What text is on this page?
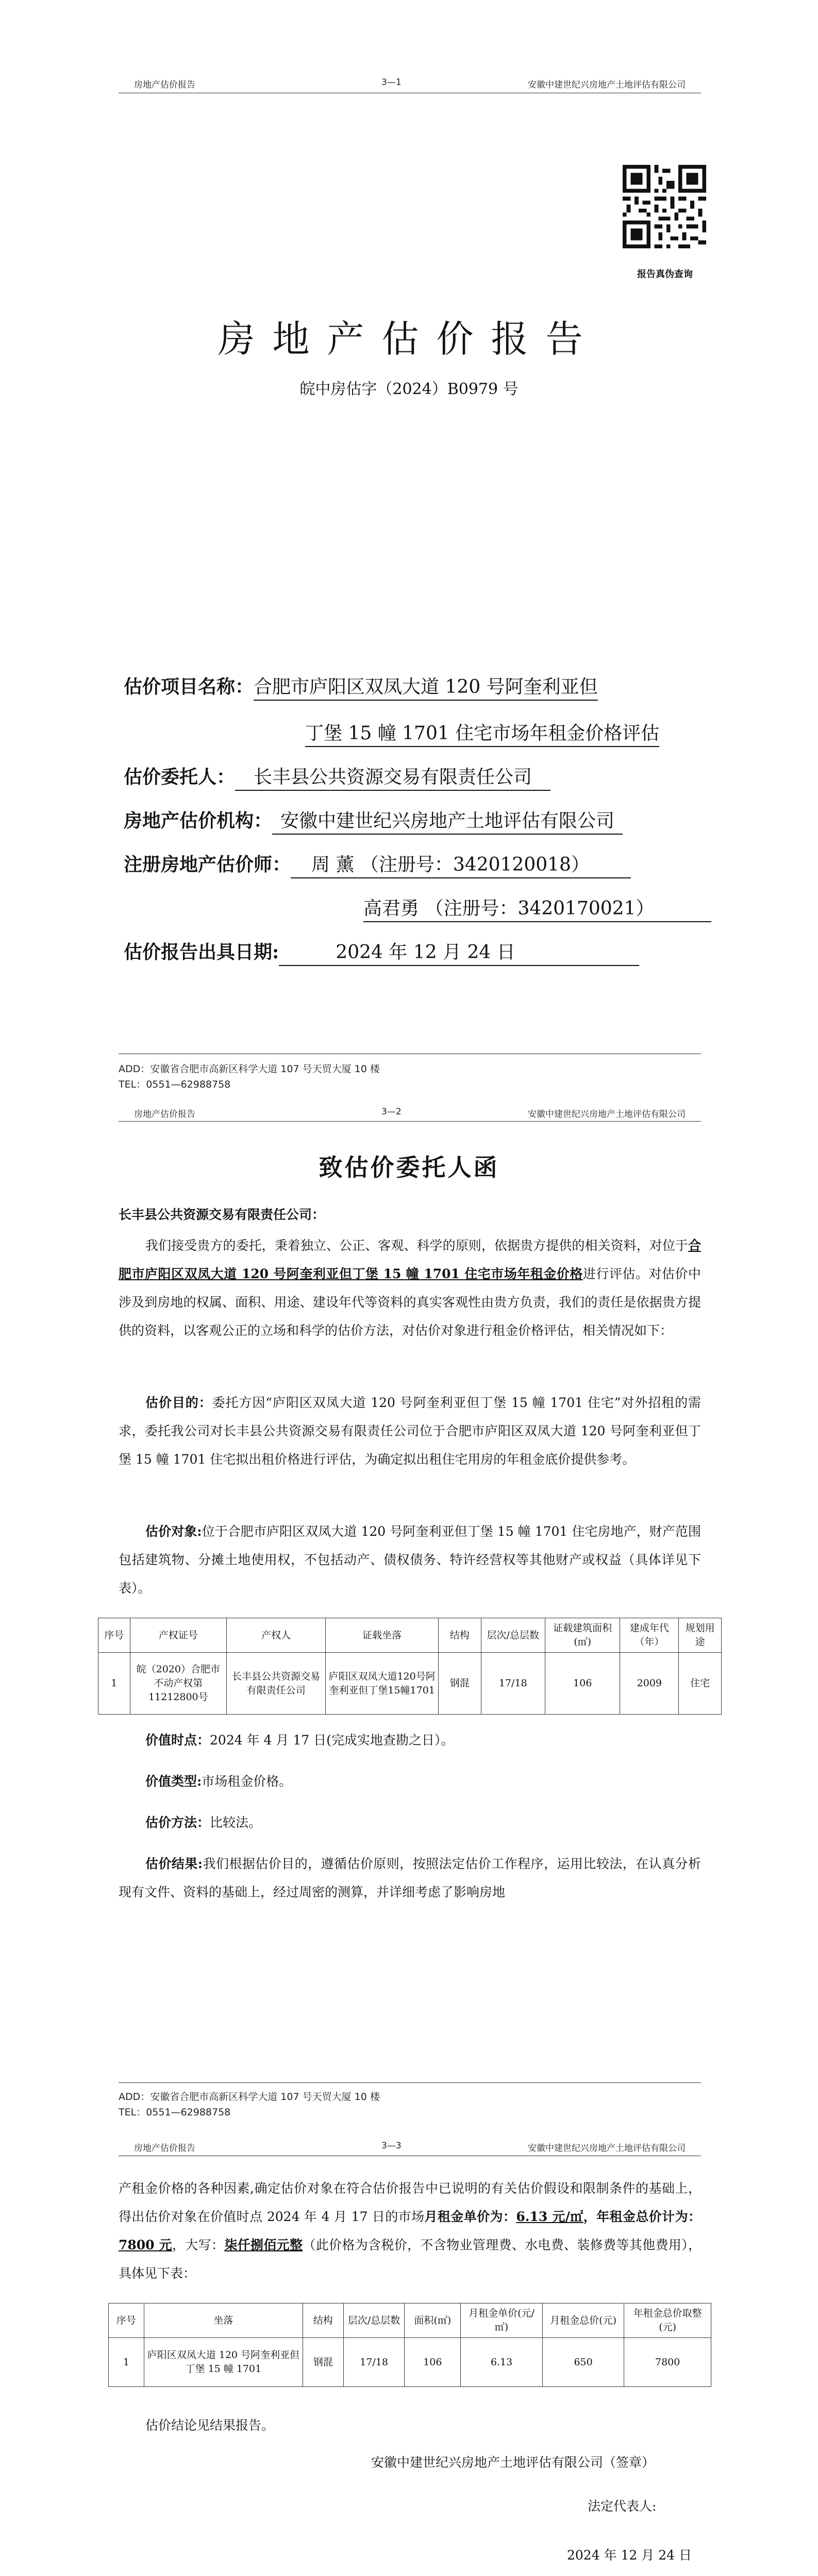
房地产估价报告	3—1	安徽中建世纪兴房地产土地评估有限公司
报告真伪查询
房地产估价报告
皖中房估字（2024）B0979 号
估价项目名称：合肥市庐阳区双凤大道 120 号阿奎利亚但
丁堡 15 幢 1701 住宅市场年租金价格评估
估价委托人： 长丰县公共资源交易有限责任公司
房地产估价机构： 安徽中建世纪兴房地产土地评估有限公司
注册房地产估价师： 周 薰 （注册号：3420120018）
高君勇 （注册号：3420170021）
估价报告出具日期:	2024 年 12 月 24 日
ADD：安徽省合肥市高新区科学大道 107 号天贸大厦 10 楼
TEL：0551—62988758
房地产估价报告	3—2	安徽中建世纪兴房地产土地评估有限公司
致估价委托人函
长丰县公共资源交易有限责任公司：
我们接受贵方的委托，秉着独立、公正、客观、科学的原则，依据贵方提供的相关资料，对位于合肥市庐阳区双凤大道 120 号阿奎利亚但丁堡 15 幢 1701 住宅市场年租金价格进行评估。对估价中涉及到房地的权属、面积、用途、建设年代等资料的真实客观性由贵方负责，我们的责任是依据贵方提供的资料，以客观公正的立场和科学的估价方法，对估价对象进行租金价格评估，相关情况如下：
估价目的：委托方因“庐阳区双凤大道 120 号阿奎利亚但丁堡 15 幢 1701 住宅”对外招租的需求，委托我公司对长丰县公共资源交易有限责任公司位于合肥市庐阳区双凤大道 120 号阿奎利亚但丁堡 15 幢 1701 住宅拟出租价格进行评估，为确定拟出租住宅用房的年租金底价提供参考。
估价对象:位于合肥市庐阳区双凤大道 120 号阿奎利亚但丁堡 15 幢 1701 住宅房地产，财产范围包括建筑物、分摊土地使用权，不包括动产、债权债务、特许经营权等其他财产或权益（具体详见下表）。
序号	产权证号	产权人	证载坐落	结构	层次/总层数	证载建筑面积(㎡)	建成年代（年）	规划用途
1	皖（2020）合肥市不动产权第11212800号	长丰县公共资源交易有限责任公司	庐阳区双凤大道120号阿奎利亚但丁堡15幢1701	钢混	17/18	106	2009	住宅
价值时点：2024 年 4 月 17 日(完成实地查勘之日）。
价值类型:市场租金价格。
估价方法：比较法。
估价结果:我们根据估价目的，遵循估价原则，按照法定估价工作程序，运用比较法，在认真分析现有文件、资料的基础上，经过周密的测算，并详细考虑了影响房地
ADD：安徽省合肥市高新区科学大道 107 号天贸大厦 10 楼
TEL：0551—62988758
房地产估价报告	3—3	安徽中建世纪兴房地产土地评估有限公司
产租金价格的各种因素,确定估价对象在符合估价报告中已说明的有关估价假设和限制条件的基础上，得出估价对象在价值时点 2024 年 4 月 17 日的市场月租金单价为：6.13 元/㎡，年租金总价计为：7800 元，大写：柒仟捌佰元整（此价格为含税价，不含物业管理费、水电费、装修费等其他费用），具体见下表：
序号	坐落	结构	层次/总层数	面积(㎡)	月租金单价(元/㎡)	月租金总价(元)	年租金总价取整(元)
1	庐阳区双凤大道 120 号阿奎利亚但丁堡 15 幢 1701	钢混	17/18	106	6.13	650	7800
估价结论见结果报告。
安徽中建世纪兴房地产土地评估有限公司（签章）
法定代表人:
2024 年 12 月 24 日
